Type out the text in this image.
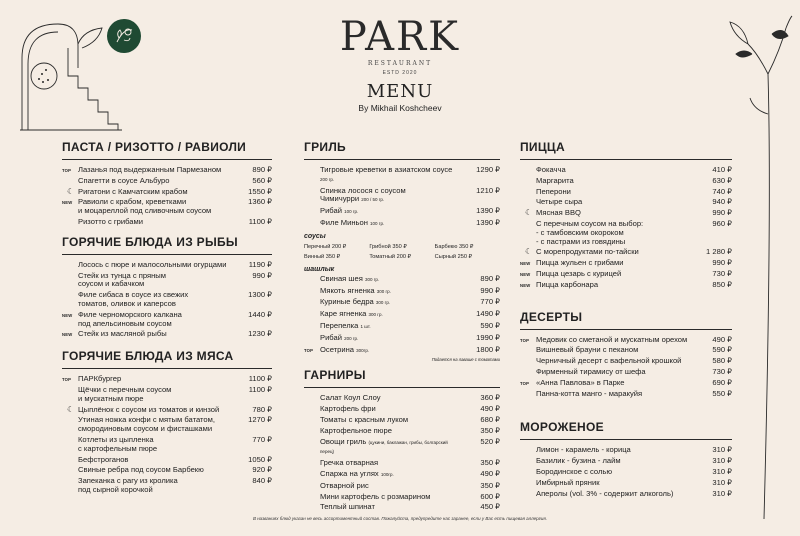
PARK
RESTAURANT
ESTD 2020
MENU
By Mikhail Koshcheev
ПАСТА / РИЗОТТО / РАВИОЛИ
TOP Лазанья под выдержанным Пармезаном	890 ₽
Спагетти в соусе Альбуро	560 ₽
☾ Ригатони с Камчатским крабом	1550 ₽
NEW Равиоли с крабом, креветками
и моцареллой под сливочным соусом
1360 ₽
Ризотто с грибами	1100 ₽
ГОРЯЧИЕ БЛЮДА ИЗ РЫБЫ
Лосось с пюре и малосольными огурцами	1190 ₽
Стейк из тунца с пряным
соусом и кабачком
990 ₽
Филе сибаса в соусе из свежих
томатов, оливок и каперсов
1300 ₽
NEW Филе черноморского калкана
под апельсиновым соусом
1440 ₽
NEW Стейк из масляной рыбы	1230 ₽
ГОРЯЧИЕ БЛЮДА ИЗ МЯСА
TOP ПАРКбургер	1100 ₽
Щёчки с перечным соусом
и мускатным пюре
1100 ₽
☾ Цыплёнок с соусом из томатов и кинзой	780 ₽
Утиная ножка конфи с мятым бататом,
смородиновым соусом и фисташками
1270 ₽
Котлеты из цыпленка
с картофельным пюре
770 ₽
Бефстроганов	1050 ₽
Свиные ребра под соусом Барбекю	920 ₽
Запеканка с рагу из кролика
под сырной корочкой
840 ₽
ГРИЛЬ
Тигровые креветки в азиатском соусе 200 гр.
1290 ₽
Спинка лосося с соусом
Чимичурри 200 / 50 гр.
1210 ₽
Рибай 100 гр.	1390 ₽
Филе Миньон 100 гр.	1390 ₽
соусы
Перечный 200 ₽	Грибной 350 ₽	Барбекю 350 ₽
Винный 350 ₽	Томатный 200 ₽	Сырный 250 ₽
шашлык
Свиная шея 300 гр.	890 ₽
Мякоть ягненка 300 гр.	990 ₽
Куриные бедра 300 гр.	770 ₽
Каре ягненка 300 гр.	1490 ₽
Перепелка 1 шт.	590 ₽
Рибай 200 гр.	1990 ₽
TOP Осетрина 300гр.	1800 ₽
Подается на лаваше с томатами
ГАРНИРЫ
Салат Коул Слоу	360 ₽
Картофель фри	490 ₽
Томаты с красным луком	680 ₽
Картофельное пюре	350 ₽
Овощи гриль (цукини, баклажан, грибы, болгарский перец)
520 ₽
Гречка отварная	350 ₽
Спаржа на углях 100гр.	490 ₽
Отварной рис	350 ₽
Мини картофель с розмарином	600 ₽
Теплый шпинат	450 ₽
ПИЦЦА
Фокачча	410 ₽
Маргарита	630 ₽
Пеперони	740 ₽
Четыре сыра	940 ₽
☾ Мясная BBQ	990 ₽
С перечным соусом на выбор:
- с тамбовским окороком
- с пастрами из говядины
960 ₽
☾ С морепродуктами по-тайски	1 280 ₽
NEW Пицца жульен с грибами	990 ₽
NEW Пицца цезарь с курицей	730 ₽
NEW Пицца карбонара	850 ₽
ДЕСЕРТЫ
TOP Медовик со сметаной и мускатным орехом	490 ₽
Вишневый брауни с пеканом	590 ₽
Черничный десерт с вафельной крошкой	580 ₽
Фирменный тирамису от шефа	730 ₽
TOP «Анна Павлова» в Парке	690 ₽
Панна-котта манго - маракуйя	550 ₽
МОРОЖЕНОЕ
Лимон - карамель - корица	310 ₽
Базилик - бузина - лайм	310 ₽
Бородинское с солью	310 ₽
Имбирный пряник	310 ₽
Аперолы (vol. 3% - содержит алкоголь)	310 ₽
В названиях блюд указан не весь ассортиментный состав. Пожалуйста, предупредите нас заранее, если у Вас есть пищевая аллергия.
